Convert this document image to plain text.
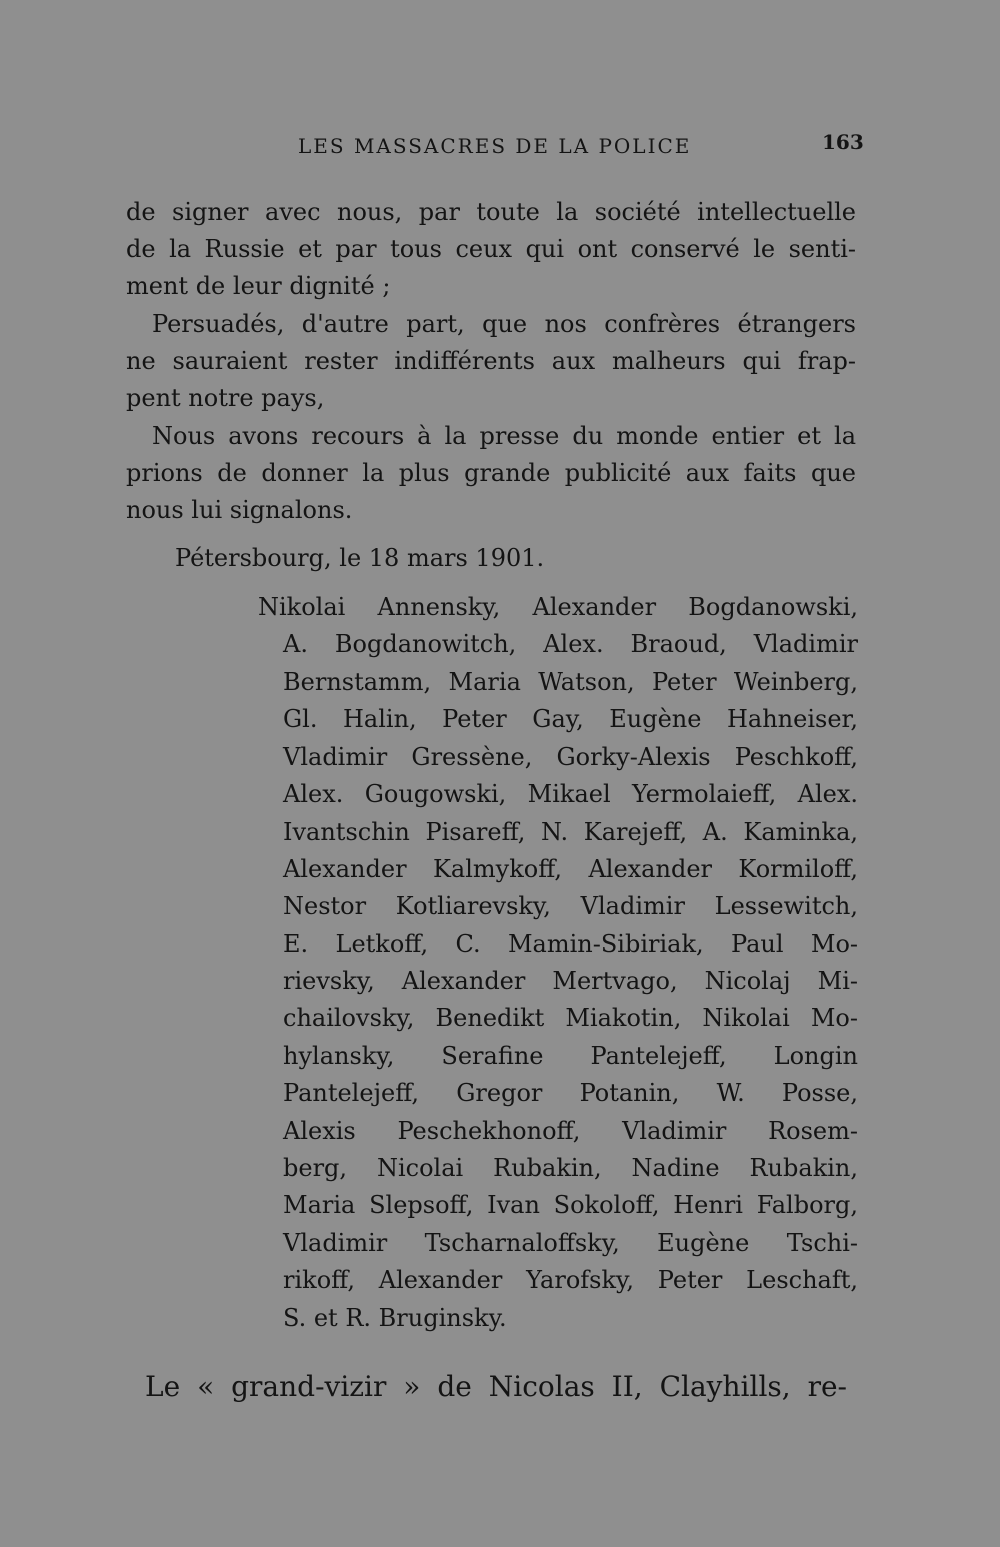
LES MASSACRES DE LA POLICE	163
de signer avec nous, par toute la société intellectuelle
de la Russie et par tous ceux qui ont conservé le senti-
ment de leur dignité ;
Persuadés, d'autre part, que nos confrères étrangers
ne sauraient rester indifférents aux malheurs qui frap-
pent notre pays,
Nous avons recours à la presse du monde entier et la
prions de donner la plus grande publicité aux faits que
nous lui signalons.
Pétersbourg, le 18 mars 1901.
Nikolai Annensky, Alexander Bogdanowski,
A. Bogdanowitch, Alex. Braoud, Vladimir
Bernstamm, Maria Watson, Peter Weinberg,
Gl. Halin, Peter Gay, Eugène Hahneiser,
Vladimir Gressène, Gorky-Alexis Peschkoff,
Alex. Gougowski, Mikael Yermolaieff, Alex.
Ivantschin Pisareff, N. Karejeff, A. Kaminka,
Alexander Kalmykoff, Alexander Kormiloff,
Nestor Kotliarevsky, Vladimir Lessewitch,
E. Letkoff, C. Mamin-Sibiriak, Paul Mo-
rievsky, Alexander Mertvago, Nicolaj Mi-
chailovsky, Benedikt Miakotin, Nikolai Mo-
hylansky, Serafine Pantelejeff, Longin
Pantelejeff, Gregor Potanin, W. Posse,
Alexis Peschekhonoff, Vladimir Rosem-
berg, Nicolai Rubakin, Nadine Rubakin,
Maria Slepsoff, Ivan Sokoloff, Henri Falborg,
Vladimir Tscharnaloffsky, Eugène Tschi-
rikoff, Alexander Yarofsky, Peter Leschaft,
S. et R. Bruginsky.
Le « grand-vizir » de Nicolas II, Clayhills, re-
